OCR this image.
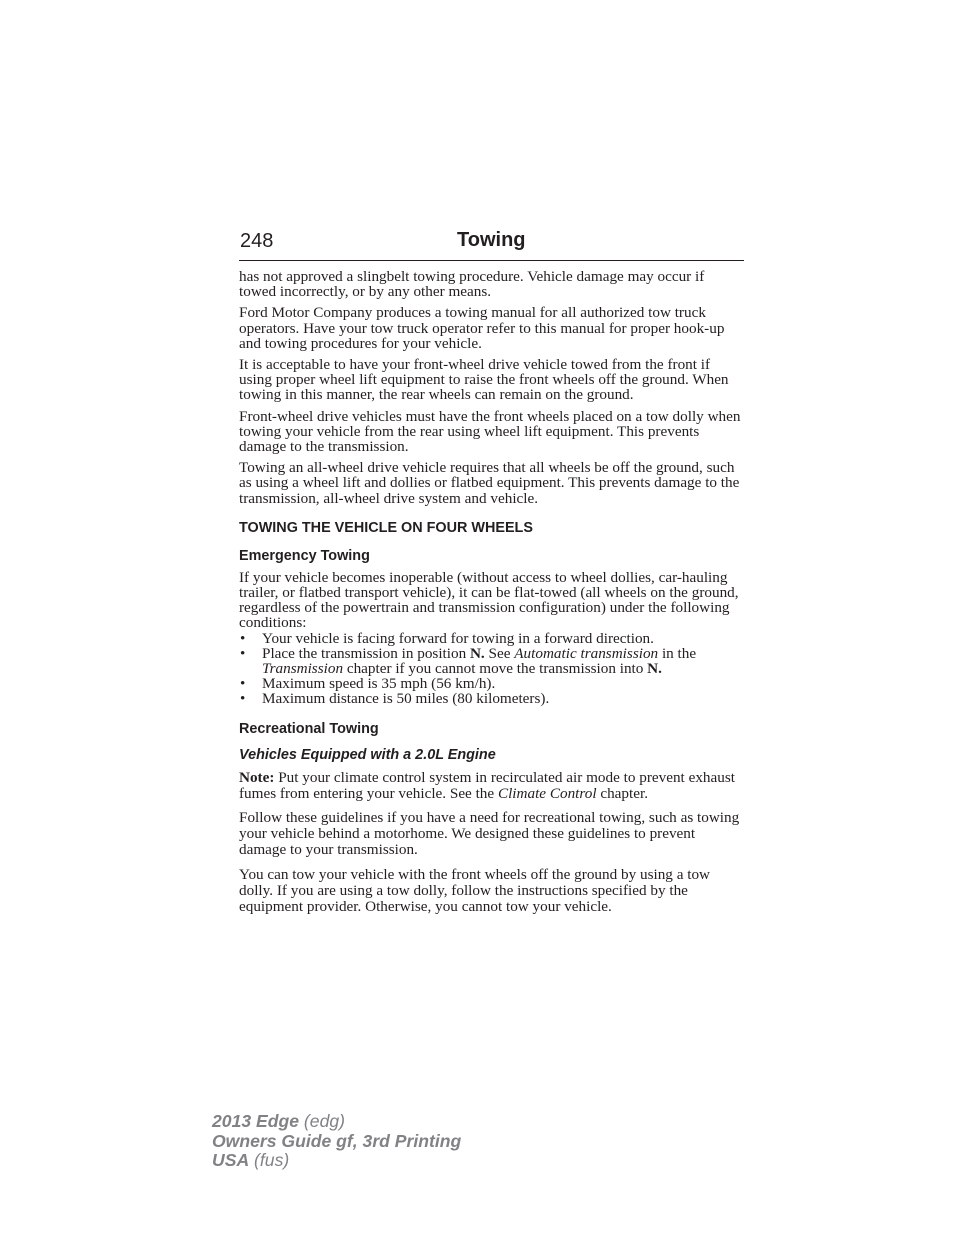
248	Towing

has not approved a slingbelt towing procedure. Vehicle damage may occur if towed incorrectly, or by any other means.

Ford Motor Company produces a towing manual for all authorized tow truck operators. Have your tow truck operator refer to this manual for proper hook-up and towing procedures for your vehicle.

It is acceptable to have your front-wheel drive vehicle towed from the front if using proper wheel lift equipment to raise the front wheels off the ground. When towing in this manner, the rear wheels can remain on the ground.

Front-wheel drive vehicles must have the front wheels placed on a tow dolly when towing your vehicle from the rear using wheel lift equipment. This prevents damage to the transmission.

Towing an all-wheel drive vehicle requires that all wheels be off the ground, such as using a wheel lift and dollies or flatbed equipment. This prevents damage to the transmission, all-wheel drive system and vehicle.

TOWING THE VEHICLE ON FOUR WHEELS
Emergency Towing

If your vehicle becomes inoperable (without access to wheel dollies, car-hauling trailer, or flatbed transport vehicle), it can be flat-towed (all wheels on the ground, regardless of the powertrain and transmission configuration) under the following conditions:

• Your vehicle is facing forward for towing in a forward direction.
• Place the transmission in position N. See Automatic transmission in the Transmission chapter if you cannot move the transmission into N.
• Maximum speed is 35 mph (56 km/h).
• Maximum distance is 50 miles (80 kilometers).
Recreational Towing
Vehicles Equipped with a 2.0L Engine

Note: Put your climate control system in recirculated air mode to prevent exhaust fumes from entering your vehicle. See the Climate Control chapter.

Follow these guidelines if you have a need for recreational towing, such as towing your vehicle behind a motorhome. We designed these guidelines to prevent damage to your transmission.

You can tow your vehicle with the front wheels off the ground by using a tow dolly. If you are using a tow dolly, follow the instructions specified by the equipment provider. Otherwise, you cannot tow your vehicle.

2013 Edge (edg)
Owners Guide gf, 3rd Printing
USA (fus)
